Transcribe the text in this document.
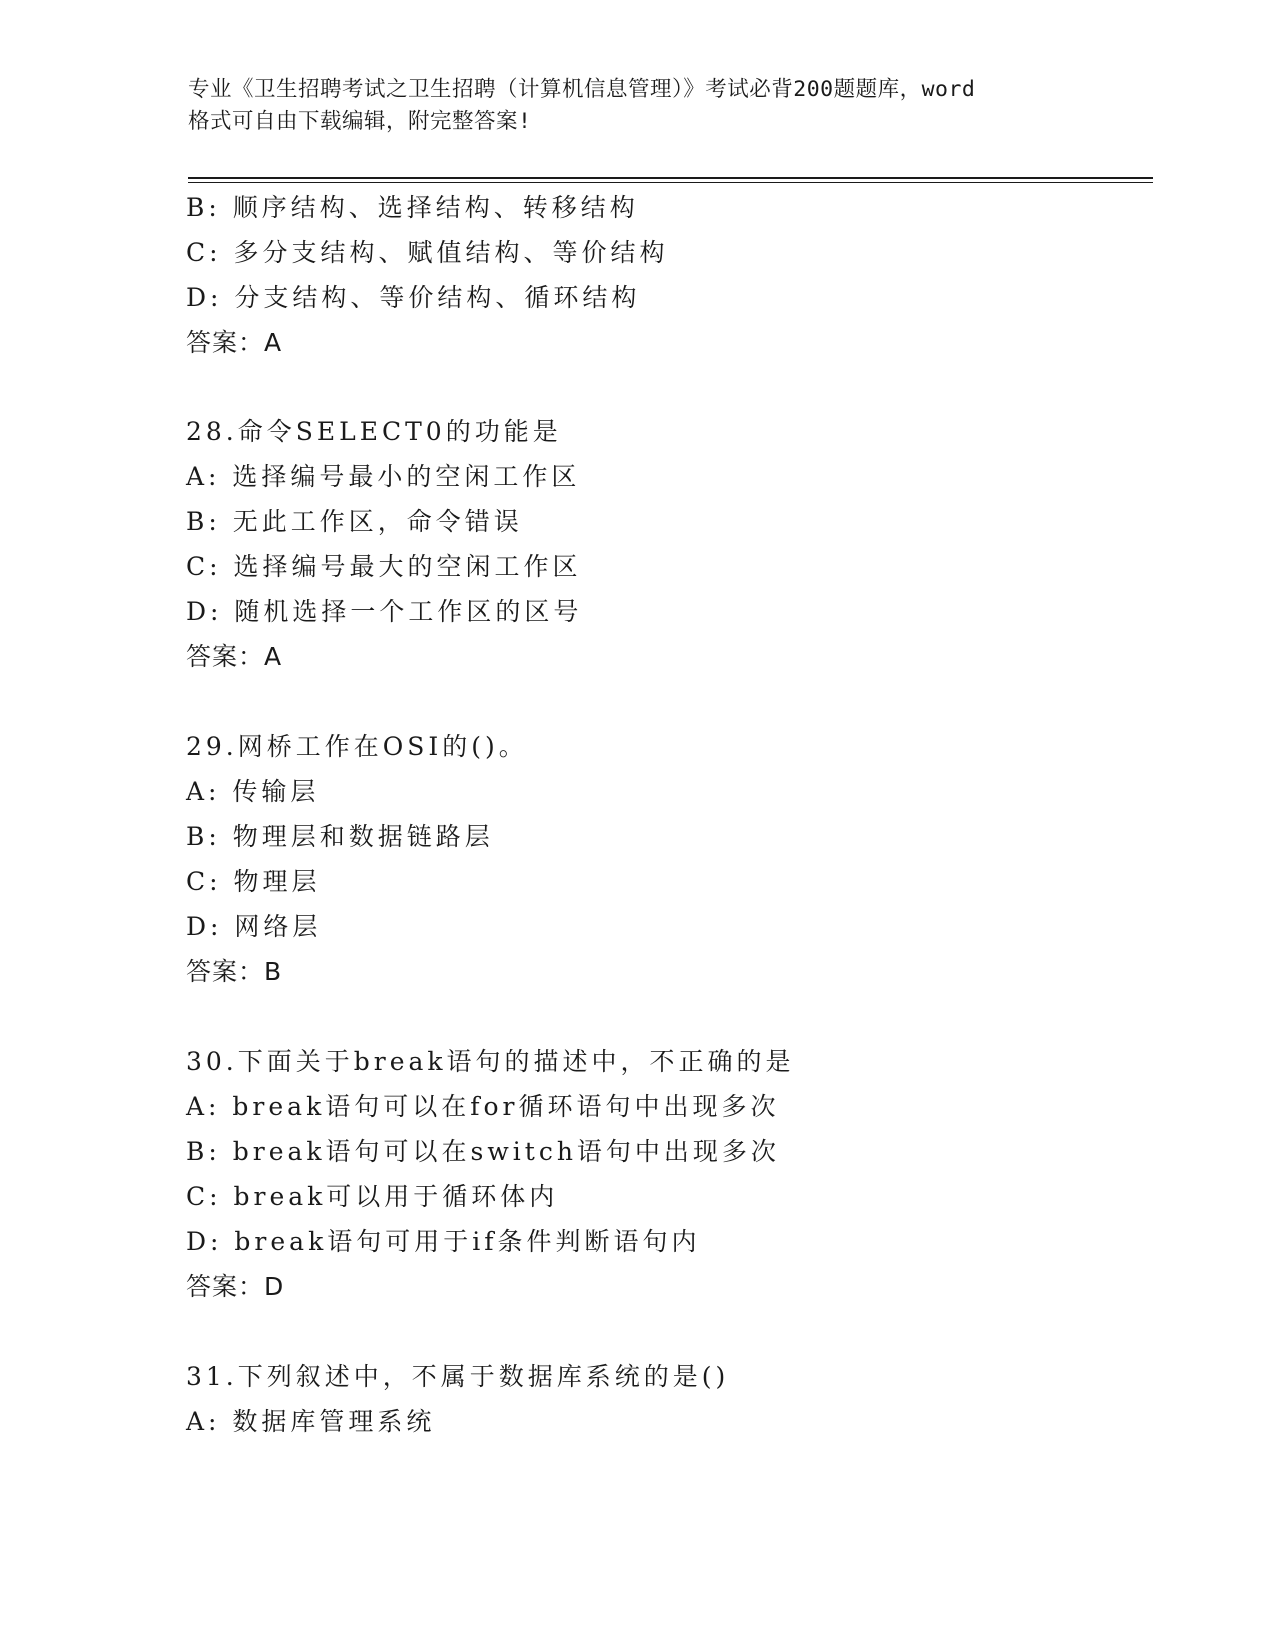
专业《卫生招聘考试之卫生招聘（计算机信息管理）》考试必背200题题库，word
格式可自由下载编辑，附完整答案!
B: 顺序结构、选择结构、转移结构
C: 多分支结构、赋值结构、等价结构
D: 分支结构、等价结构、循环结构
答案：A
28.命令SELECT0的功能是
A: 选择编号最小的空闲工作区
B: 无此工作区，命令错误
C: 选择编号最大的空闲工作区
D: 随机选择一个工作区的区号
答案：A
29.网桥工作在OSI的()。
A: 传输层
B: 物理层和数据链路层
C: 物理层
D: 网络层
答案：B
30.下面关于break语句的描述中，不正确的是
A: break语句可以在for循环语句中出现多次
B: break语句可以在switch语句中出现多次
C: break可以用于循环体内
D: break语句可用于if条件判断语句内
答案：D
31.下列叙述中，不属于数据库系统的是()
A: 数据库管理系统
